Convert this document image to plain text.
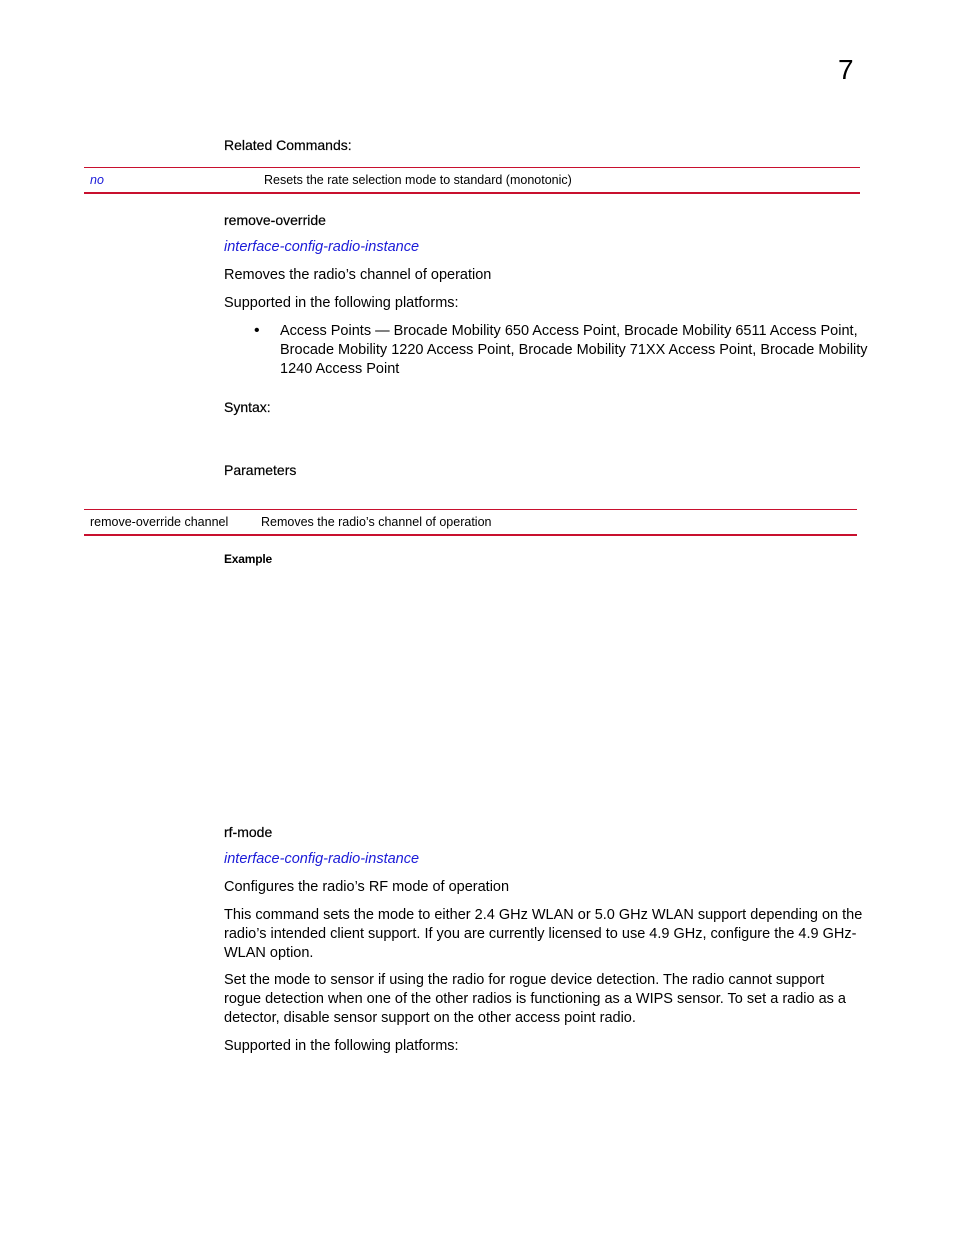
7
Related Commands:
no	Resets the rate selection mode to standard (monotonic)
remove-override
interface-config-radio-instance
Removes the radio’s channel of operation
Supported in the following platforms:
• Access Points — Brocade Mobility 650 Access Point, Brocade Mobility 6511 Access Point, Brocade Mobility 1220 Access Point, Brocade Mobility 71XX Access Point, Brocade Mobility 1240 Access Point
Syntax:
Parameters
remove-override channel	Removes the radio’s channel of operation
Example
rf-mode
interface-config-radio-instance
Configures the radio’s RF mode of operation
This command sets the mode to either 2.4 GHz WLAN or 5.0 GHz WLAN support depending on the radio’s intended client support. If you are currently licensed to use 4.9 GHz, configure the 4.9 GHz-WLAN option.
Set the mode to sensor if using the radio for rogue device detection. The radio cannot support rogue detection when one of the other radios is functioning as a WIPS sensor. To set a radio as a detector, disable sensor support on the other access point radio.
Supported in the following platforms:
